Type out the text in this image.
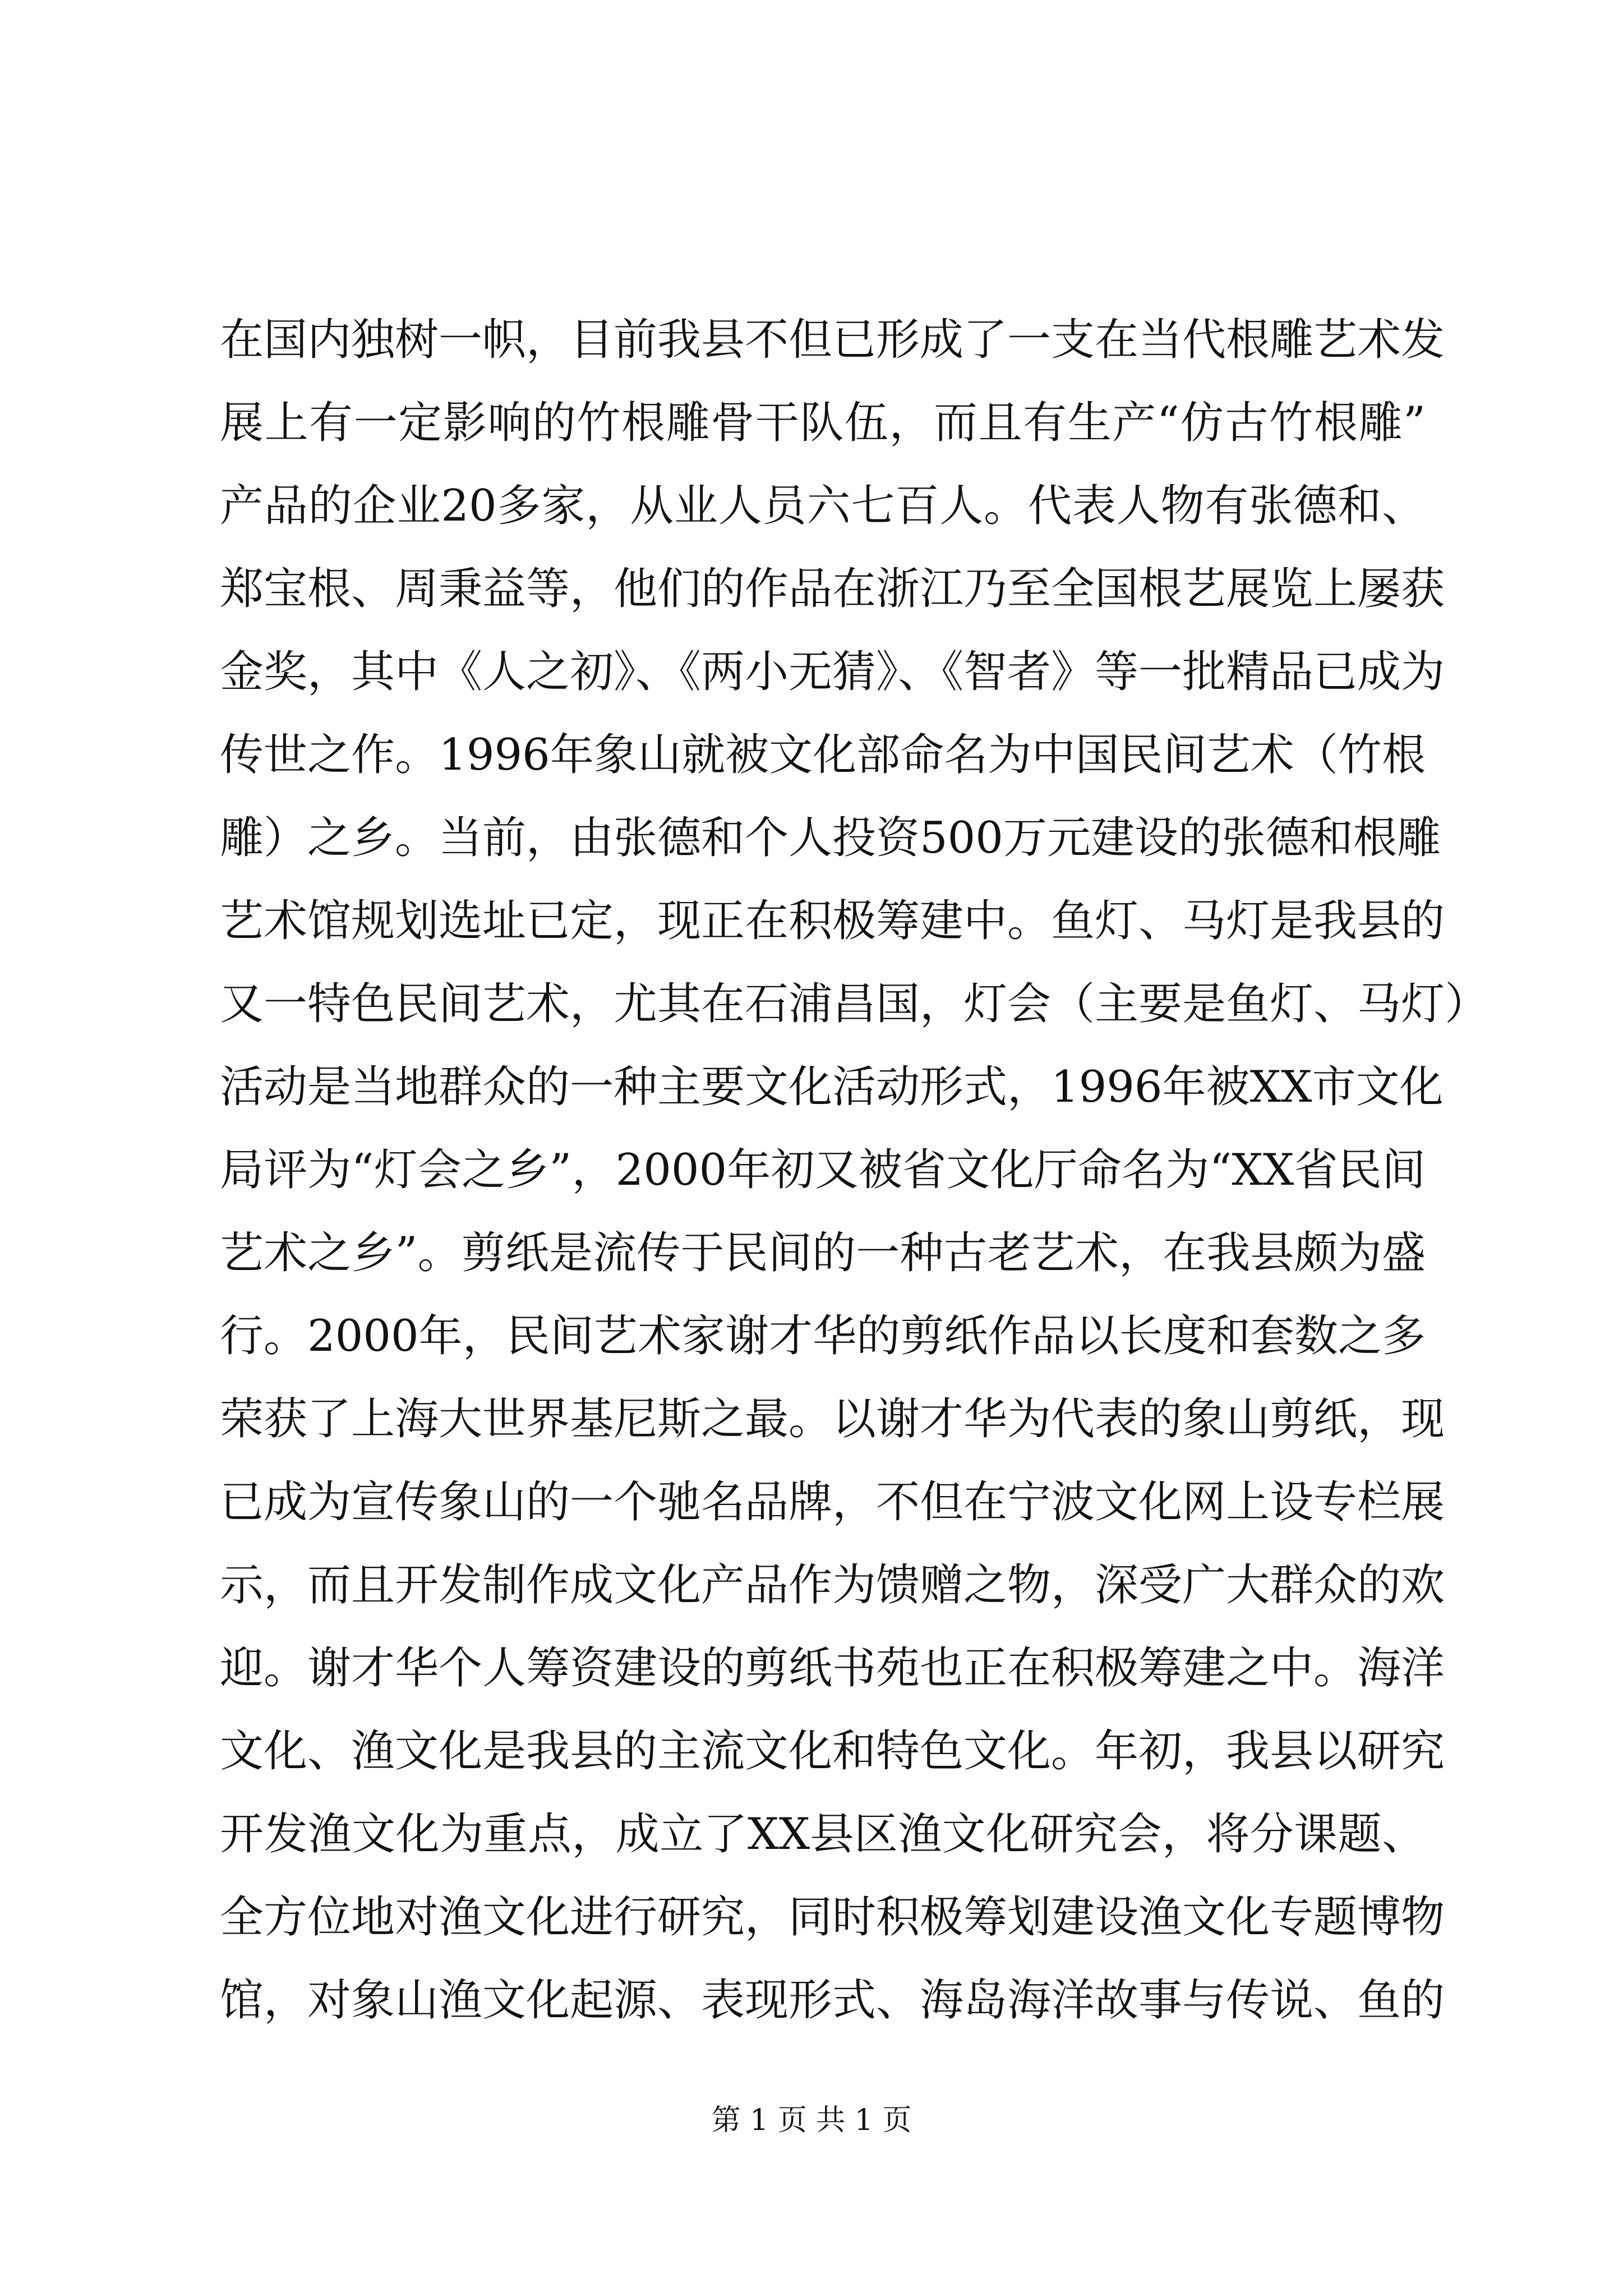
在国内独树一帜，目前我县不但已形成了一支在当代根雕艺术发
展上有一定影响的竹根雕骨干队伍，而且有生产“仿古竹根雕”
产品的企业20多家，从业人员六七百人。代表人物有张德和、
郑宝根、周秉益等，他们的作品在浙江乃至全国根艺展览上屡获
金奖，其中《人之初》、《两小无猜》、《智者》等一批精品已成为
传世之作。1996年象山就被文化部命名为中国民间艺术（竹根
雕）之乡。当前，由张德和个人投资500万元建设的张德和根雕
艺术馆规划选址已定，现正在积极筹建中。鱼灯、马灯是我县的
又一特色民间艺术，尤其在石浦昌国，灯会（主要是鱼灯、马灯）
活动是当地群众的一种主要文化活动形式，1996年被XX市文化
局评为“灯会之乡”，2000年初又被省文化厅命名为“XX省民间
艺术之乡”。剪纸是流传于民间的一种古老艺术，在我县颇为盛
行。2000年，民间艺术家谢才华的剪纸作品以长度和套数之多
荣获了上海大世界基尼斯之最。以谢才华为代表的象山剪纸，现
已成为宣传象山的一个驰名品牌，不但在宁波文化网上设专栏展
示，而且开发制作成文化产品作为馈赠之物，深受广大群众的欢
迎。谢才华个人筹资建设的剪纸书苑也正在积极筹建之中。海洋
文化、渔文化是我县的主流文化和特色文化。年初，我县以研究
开发渔文化为重点，成立了XX县区渔文化研究会，将分课题、
全方位地对渔文化进行研究，同时积极筹划建设渔文化专题博物
馆，对象山渔文化起源、表现形式、海岛海洋故事与传说、鱼的
第 1 页 共 1 页
